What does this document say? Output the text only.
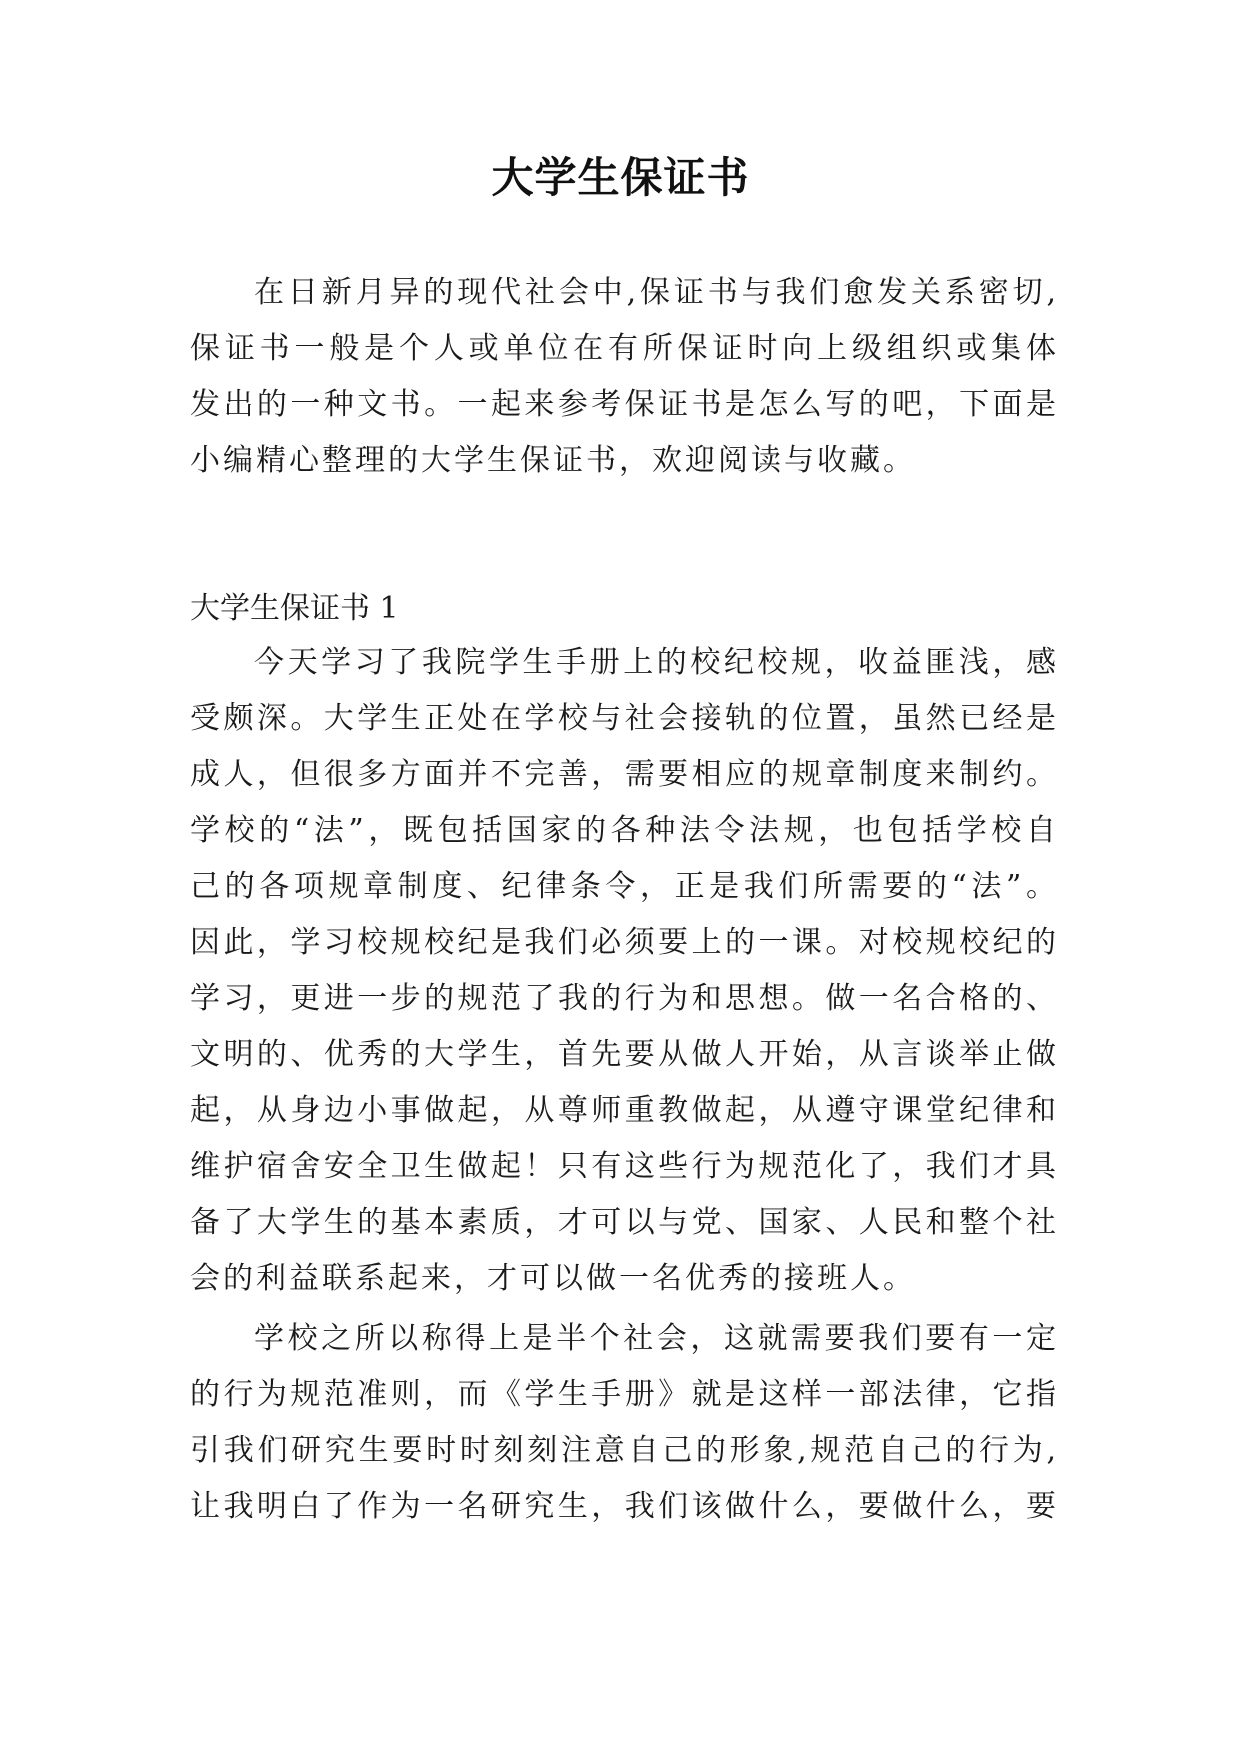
大学生保证书
在日新月异的现代社会中,保证书与我们愈发关系密切,
保证书一般是个人或单位在有所保证时向上级组织或集体
发出的一种文书。一起来参考保证书是怎么写的吧，下面是
小编精心整理的大学生保证书，欢迎阅读与收藏。
大学生保证书 1
今天学习了我院学生手册上的校纪校规，收益匪浅，感
受颇深。大学生正处在学校与社会接轨的位置，虽然已经是
成人，但很多方面并不完善，需要相应的规章制度来制约。
学校的“法”，既包括国家的各种法令法规，也包括学校自
己的各项规章制度、纪律条令，正是我们所需要的“法”。
因此，学习校规校纪是我们必须要上的一课。对校规校纪的
学习，更进一步的规范了我的行为和思想。做一名合格的、
文明的、优秀的大学生，首先要从做人开始，从言谈举止做
起，从身边小事做起，从尊师重教做起，从遵守课堂纪律和
维护宿舍安全卫生做起！只有这些行为规范化了，我们才具
备了大学生的基本素质，才可以与党、国家、人民和整个社
会的利益联系起来，才可以做一名优秀的接班人。
学校之所以称得上是半个社会，这就需要我们要有一定
的行为规范准则，而《学生手册》就是这样一部法律，它指
引我们研究生要时时刻刻注意自己的形象,规范自己的行为,
让我明白了作为一名研究生，我们该做什么，要做什么，要
